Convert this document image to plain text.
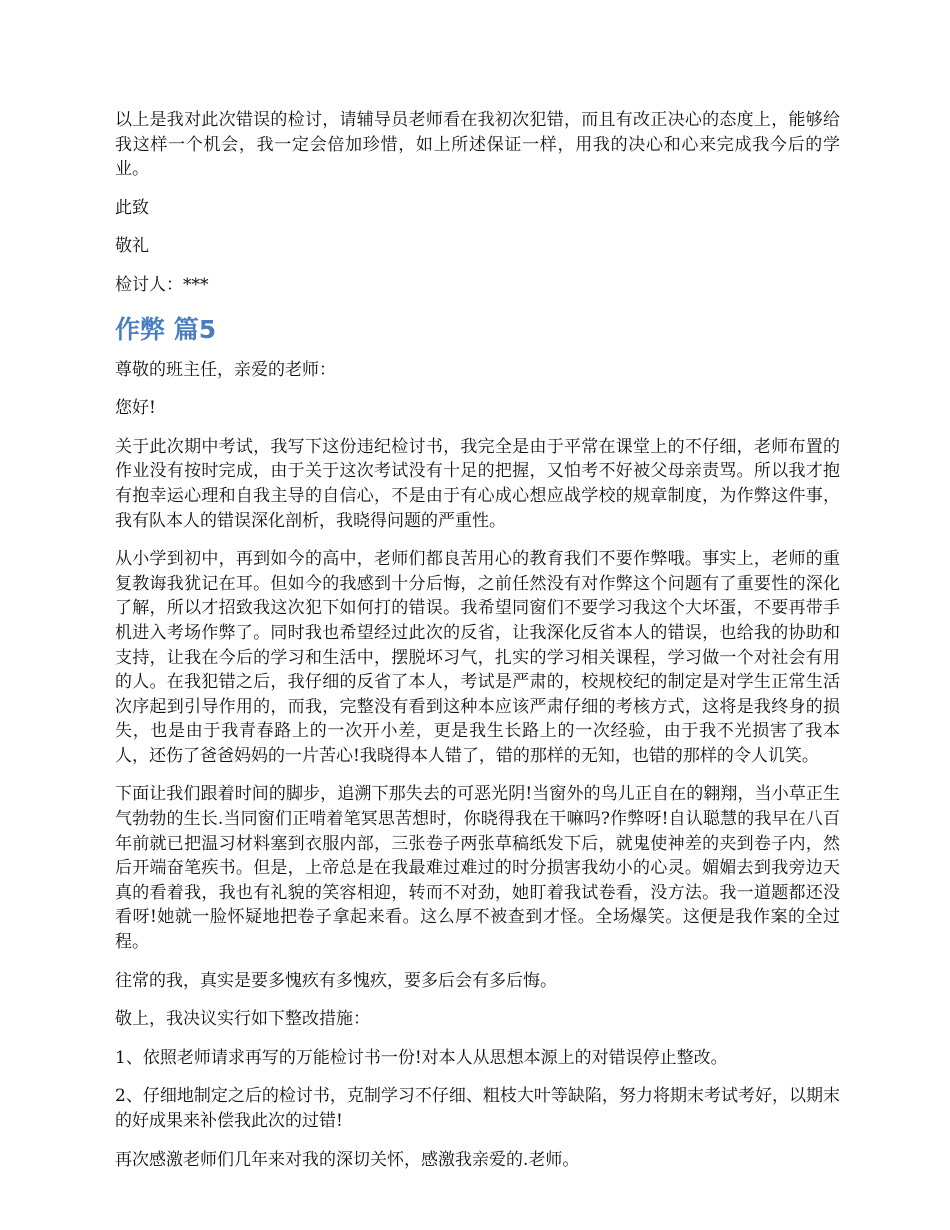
以上是我对此次错误的检讨，请辅导员老师看在我初次犯错，而且有改正决心的态度上，能够给我这样一个机会，我一定会倍加珍惜，如上所述保证一样，用我的决心和心来完成我今后的学业。

此致

敬礼

检讨人：***

作弊 篇5

尊敬的班主任，亲爱的老师：

您好!

关于此次期中考试，我写下这份违纪检讨书，我完全是由于平常在课堂上的不仔细，老师布置的作业没有按时完成，由于关于这次考试没有十足的把握，又怕考不好被父母亲责骂。所以我才抱有抱幸运心理和自我主导的自信心，不是由于有心成心想应战学校的规章制度，为作弊这件事，我有队本人的错误深化剖析，我晓得问题的严重性。

从小学到初中，再到如今的高中，老师们都良苦用心的教育我们不要作弊哦。事实上，老师的重复教诲我犹记在耳。但如今的我感到十分后悔，之前任然没有对作弊这个问题有了重要性的深化了解，所以才招致我这次犯下如何打的错误。我希望同窗们不要学习我这个大坏蛋，不要再带手机进入考场作弊了。同时我也希望经过此次的反省，让我深化反省本人的错误，也给我的协助和支持，让我在今后的学习和生活中，摆脱坏习气，扎实的学习相关课程，学习做一个对社会有用的人。在我犯错之后，我仔细的反省了本人，考试是严肃的，校规校纪的制定是对学生正常生活次序起到引导作用的，而我，完整没有看到这种本应该严肃仔细的考核方式，这将是我终身的损失，也是由于我青春路上的一次开小差，更是我生长路上的一次经验，由于我不光损害了我本人，还伤了爸爸妈妈的一片苦心!我晓得本人错了，错的那样的无知，也错的那样的令人讥笑。

下面让我们跟着时间的脚步，追溯下那失去的可恶光阴!当窗外的鸟儿正自在的翱翔，当小草正生气勃勃的生长.当同窗们正啃着笔冥思苦想时，你晓得我在干嘛吗?作弊呀!自认聪慧的我早在八百年前就已把温习材料塞到衣服内部，三张卷子两张草稿纸发下后，就鬼使神差的夹到卷子内，然后开端奋笔疾书。但是，上帝总是在我最难过难过的时分损害我幼小的心灵。媚媚去到我旁边天真的看着我，我也有礼貌的笑容相迎，转而不对劲，她盯着我试卷看，没方法。我一道题都还没看呀!她就一脸怀疑地把卷子拿起来看。这么厚不被查到才怪。全场爆笑。这便是我作案的全过程。

往常的我，真实是要多愧疚有多愧疚，要多后会有多后悔。

敬上，我决议实行如下整改措施：

1、依照老师请求再写的万能检讨书一份!对本人从思想本源上的对错误停止整改。

2、仔细地制定之后的检讨书，克制学习不仔细、粗枝大叶等缺陷，努力将期末考试考好，以期末的好成果来补偿我此次的过错!

再次感激老师们几年来对我的深切关怀，感激我亲爱的.老师。
